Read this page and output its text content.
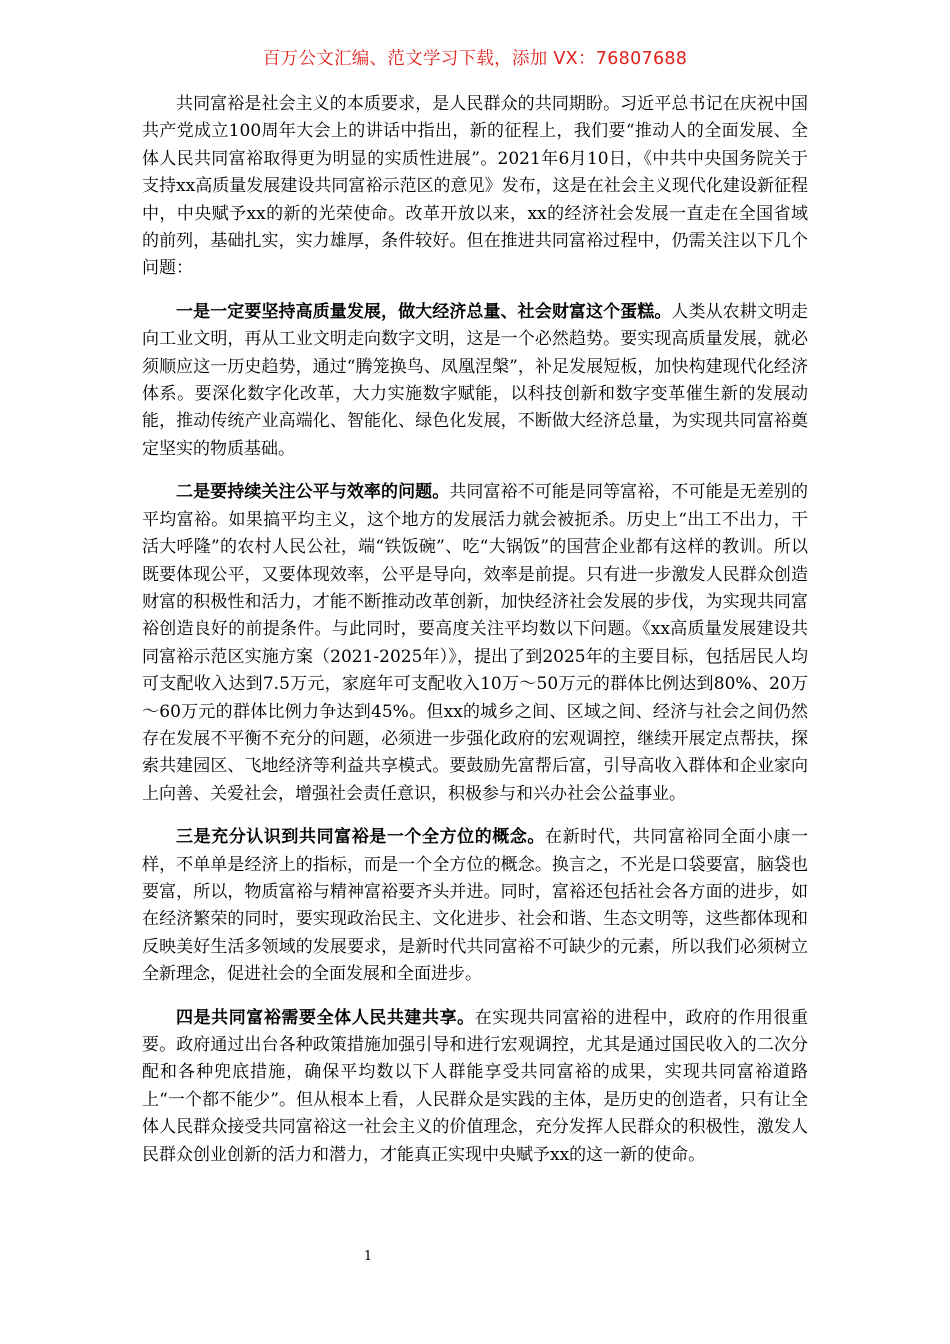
百万公文汇编、范文学习下载，添加 VX：76807688

共同富裕是社会主义的本质要求，是人民群众的共同期盼。习近平总书记在庆祝中国共产党成立100周年大会上的讲话中指出，新的征程上，我们要“推动人的全面发展、全体人民共同富裕取得更为明显的实质性进展”。2021年6月10日，《中共中央国务院关于支持xx高质量发展建设共同富裕示范区的意见》发布，这是在社会主义现代化建设新征程中，中央赋予xx的新的光荣使命。改革开放以来，xx的经济社会发展一直走在全国省域的前列，基础扎实，实力雄厚，条件较好。但在推进共同富裕过程中，仍需关注以下几个问题：

一是一定要坚持高质量发展，做大经济总量、社会财富这个蛋糕。人类从农耕文明走向工业文明，再从工业文明走向数字文明，这是一个必然趋势。要实现高质量发展，就必须顺应这一历史趋势，通过“腾笼换鸟、凤凰涅槃”，补足发展短板，加快构建现代化经济体系。要深化数字化改革，大力实施数字赋能，以科技创新和数字变革催生新的发展动能，推动传统产业高端化、智能化、绿色化发展，不断做大经济总量，为实现共同富裕奠定坚实的物质基础。

二是要持续关注公平与效率的问题。共同富裕不可能是同等富裕，不可能是无差别的平均富裕。如果搞平均主义，这个地方的发展活力就会被扼杀。历史上“出工不出力，干活大呼隆”的农村人民公社，端“铁饭碗”、吃“大锅饭”的国营企业都有这样的教训。所以既要体现公平，又要体现效率，公平是导向，效率是前提。只有进一步激发人民群众创造财富的积极性和活力，才能不断推动改革创新，加快经济社会发展的步伐，为实现共同富裕创造良好的前提条件。与此同时，要高度关注平均数以下问题。《xx高质量发展建设共同富裕示范区实施方案（2021-2025年）》，提出了到2025年的主要目标，包括居民人均可支配收入达到7.5万元，家庭年可支配收入10万～50万元的群体比例达到80%、20万～60万元的群体比例力争达到45%。但xx的城乡之间、区域之间、经济与社会之间仍然存在发展不平衡不充分的问题，必须进一步强化政府的宏观调控，继续开展定点帮扶，探索共建园区、飞地经济等利益共享模式。要鼓励先富帮后富，引导高收入群体和企业家向上向善、关爱社会，增强社会责任意识，积极参与和兴办社会公益事业。

三是充分认识到共同富裕是一个全方位的概念。在新时代，共同富裕同全面小康一样，不单单是经济上的指标，而是一个全方位的概念。换言之，不光是口袋要富，脑袋也要富，所以，物质富裕与精神富裕要齐头并进。同时，富裕还包括社会各方面的进步，如在经济繁荣的同时，要实现政治民主、文化进步、社会和谐、生态文明等，这些都体现和反映美好生活多领域的发展要求，是新时代共同富裕不可缺少的元素，所以我们必须树立全新理念，促进社会的全面发展和全面进步。

四是共同富裕需要全体人民共建共享。在实现共同富裕的进程中，政府的作用很重要。政府通过出台各种政策措施加强引导和进行宏观调控，尤其是通过国民收入的二次分配和各种兜底措施，确保平均数以下人群能享受共同富裕的成果，实现共同富裕道路上“一个都不能少”。但从根本上看，人民群众是实践的主体，是历史的创造者，只有让全体人民群众接受共同富裕这一社会主义的价值理念，充分发挥人民群众的积极性，激发人民群众创业创新的活力和潜力，才能真正实现中央赋予xx的这一新的使命。

1
